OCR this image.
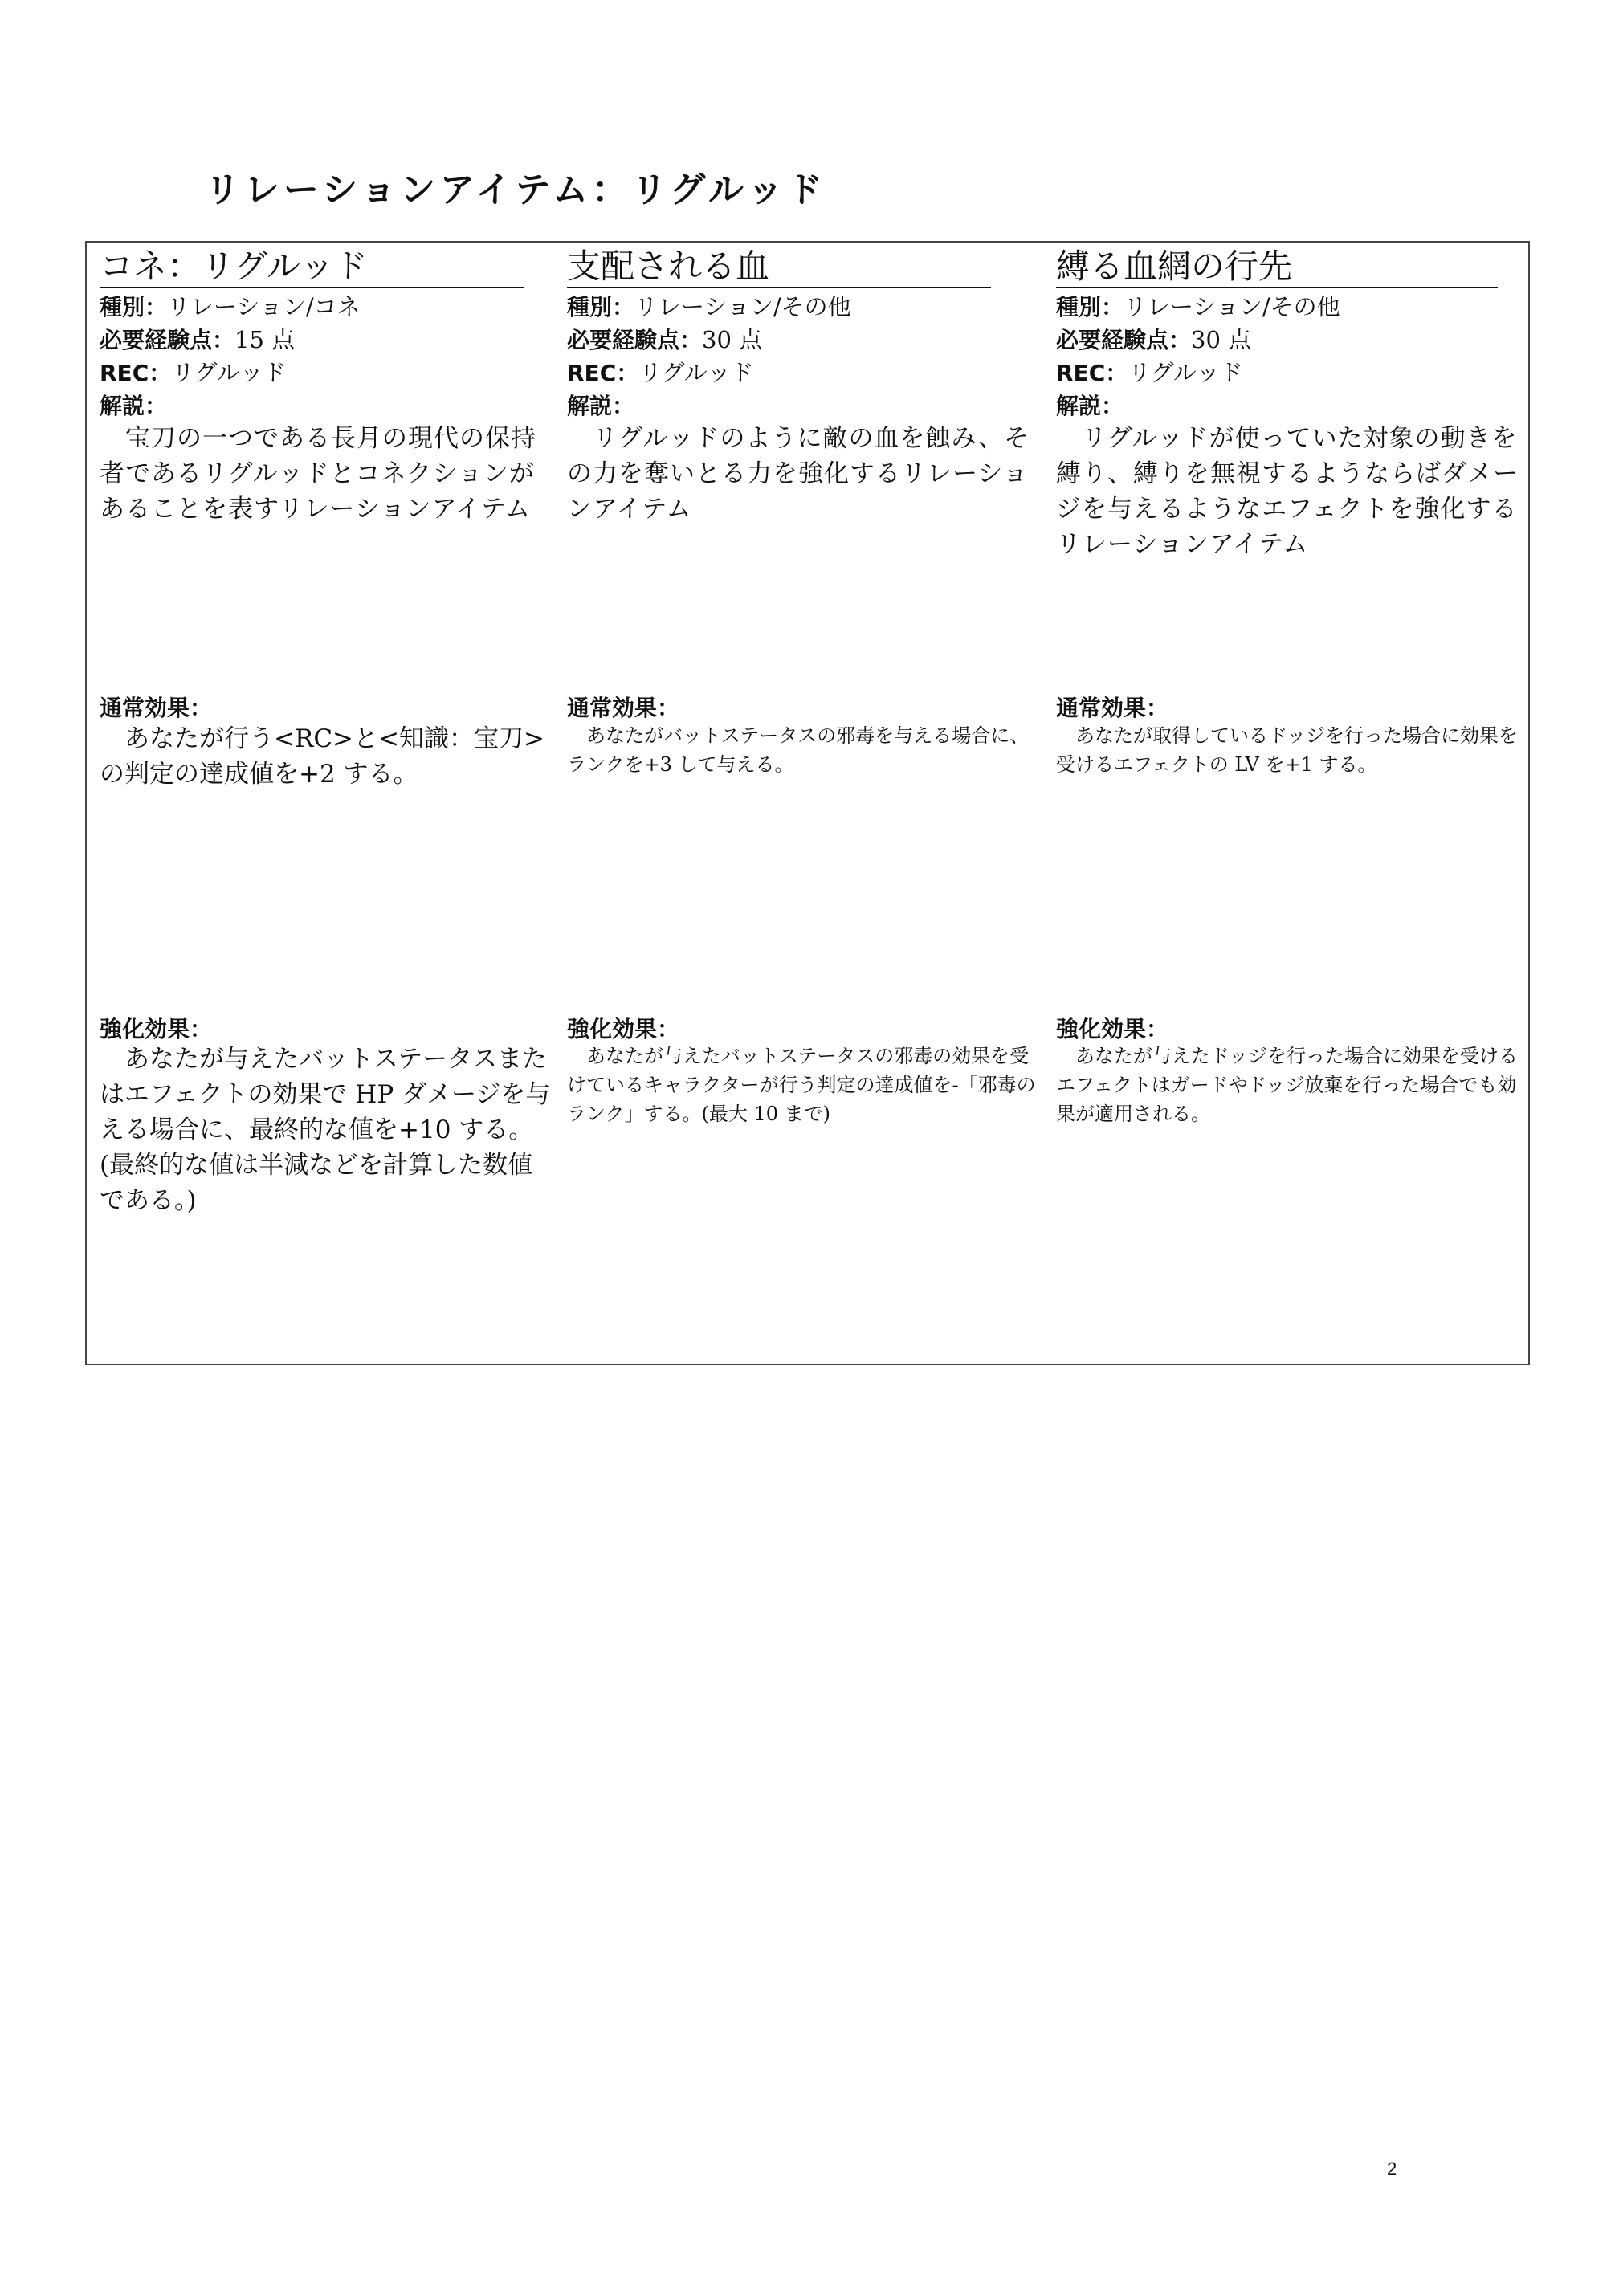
リレーションアイテム：リグルッド
コネ：リグルッド
種別：リレーション/コネ
必要経験点：15 点
REC：リグルッド
解説：
　宝刀の一つである長月の現代の保持者であるリグルッドとコネクションがあることを表すリレーションアイテム
通常効果：
　あなたが行う<RC>と<知識：宝刀>の判定の達成値を+2 する。
強化効果：
　あなたが与えたバットステータスまたはエフェクトの効果で HP ダメージを与える場合に、最終的な値を+10 する。(最終的な値は半減などを計算した数値である。)
支配される血
種別：リレーション/その他
必要経験点：30 点
REC：リグルッド
解説：
　リグルッドのように敵の血を蝕み、その力を奪いとる力を強化するリレーションアイテム
通常効果：
　あなたがバットステータスの邪毒を与える場合に、ランクを+3 して与える。
強化効果：
　あなたが与えたバットステータスの邪毒の効果を受けているキャラクターが行う判定の達成値を-「邪毒のランク」する。(最大 10 まで)
縛る血網の行先
種別：リレーション/その他
必要経験点：30 点
REC：リグルッド
解説：
　リグルッドが使っていた対象の動きを縛り、縛りを無視するようならばダメージを与えるようなエフェクトを強化するリレーションアイテム
通常効果：
　あなたが取得しているドッジを行った場合に効果を受けるエフェクトの LV を+1 する。
強化効果：
　あなたが与えたドッジを行った場合に効果を受けるエフェクトはガードやドッジ放棄を行った場合でも効果が適用される。
2
